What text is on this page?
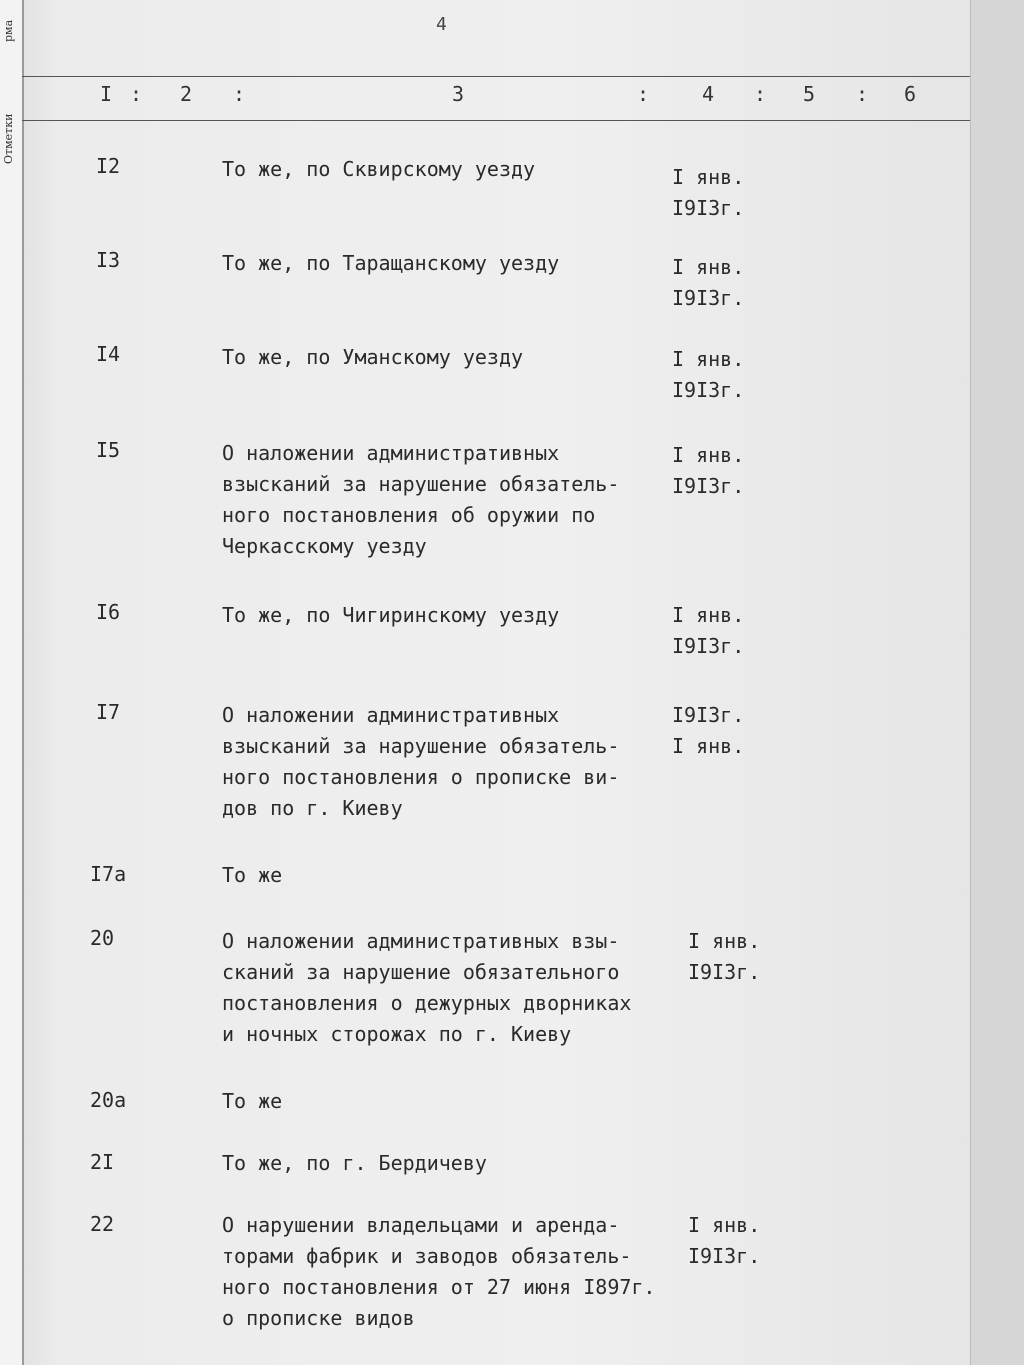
рма
Отметки
4
I : 2 :	3	:	4 : 5 : 6
I2	То же, по Сквирскому уезду	I янв.
I9I3г.
I3	То же, по Таращанскому уезду	I янв.
I9I3г.
I4	То же, по Уманскому уезду	I янв.
I9I3г.
I5	О наложении административных
взысканий за нарушение обязатель-
ного постановления об оружии по
Черкасскому уезду
I янв.
I9I3г.
I6	То же, по Чигиринскому уезду	I янв.
I9I3г.
I7	О наложении административных
взысканий за нарушение обязатель-
ного постановления о прописке ви-
дов по г. Киеву
I9I3г.
I янв.
I7а	То же
20	О наложении административных взы-
сканий за нарушение обязательного
постановления о дежурных дворниках
и ночных сторожах по г. Киеву
I янв.
I9I3г.
20а	То же
2I	То же, по г. Бердичеву
22	О нарушении владельцами и аренда-
торами фабрик и заводов обязатель-
ного постановления от 27 июня I897г.
о прописке видов
I янв.
I9I3г.
